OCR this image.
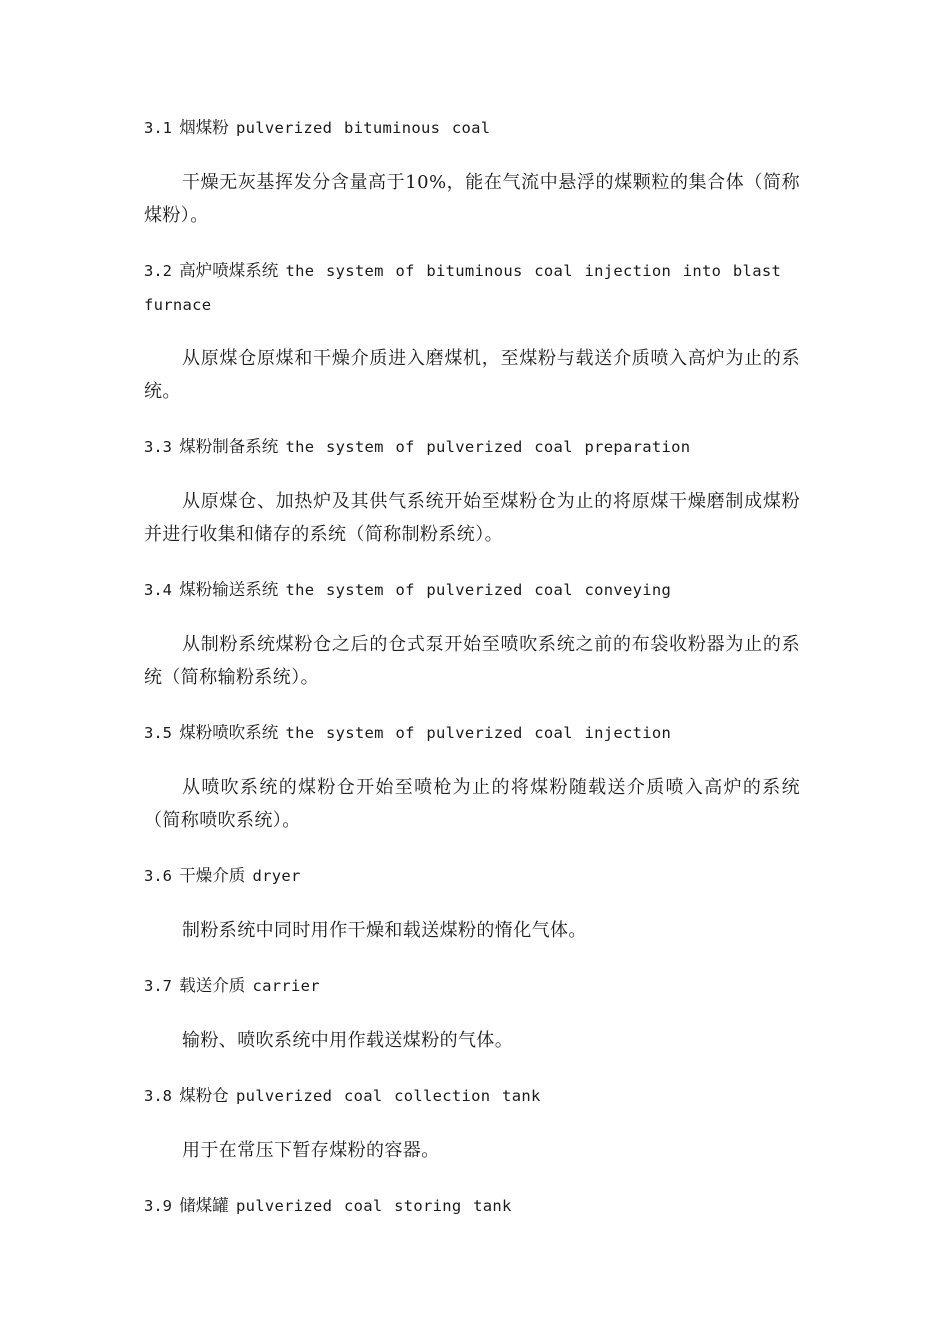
3.1 烟煤粉 pulverized bituminous coal
干燥无灰基挥发分含量高于10%，能在气流中悬浮的煤颗粒的集合体（简称煤粉）。
3.2 高炉喷煤系统 the system of bituminous coal injection into blast furnace
从原煤仓原煤和干燥介质进入磨煤机，至煤粉与载送介质喷入高炉为止的系统。
3.3 煤粉制备系统 the system of pulverized coal preparation
从原煤仓、加热炉及其供气系统开始至煤粉仓为止的将原煤干燥磨制成煤粉并进行收集和储存的系统（简称制粉系统）。
3.4 煤粉输送系统 the system of pulverized coal conveying
从制粉系统煤粉仓之后的仓式泵开始至喷吹系统之前的布袋收粉器为止的系统（简称输粉系统）。
3.5 煤粉喷吹系统 the system of pulverized coal injection
从喷吹系统的煤粉仓开始至喷枪为止的将煤粉随载送介质喷入高炉的系统（简称喷吹系统）。
3.6 干燥介质 dryer
制粉系统中同时用作干燥和载送煤粉的惰化气体。
3.7 载送介质 carrier
输粉、喷吹系统中用作载送煤粉的气体。
3.8 煤粉仓 pulverized coal collection tank
用于在常压下暂存煤粉的容器。
3.9 储煤罐 pulverized coal storing tank
